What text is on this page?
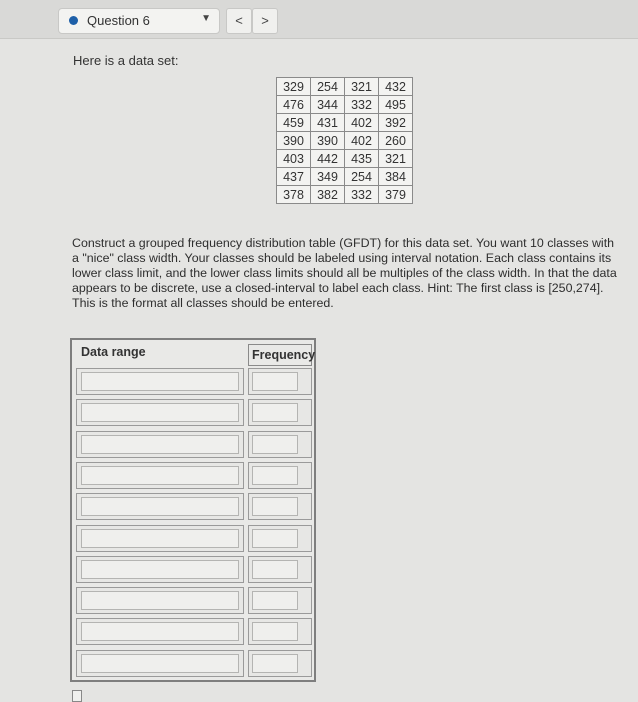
Question 6	▼	<	>
Here is a data set:
329	254	321	432
476	344	332	495
459	431	402	392
390	390	402	260
403	442	435	321
437	349	254	384
378	382	332	379
Construct a grouped frequency distribution table (GFDT) for this data set. You want 10 classes with a "nice" class width. Your classes should be labeled using interval notation. Each class contains its lower class limit, and the lower class limits should all be multiples of the class width. In that the data appears to be discrete, use a closed-interval to label each class. Hint: The first class is [250,274]. This is the format all classes should be entered.
Data range	Frequency
